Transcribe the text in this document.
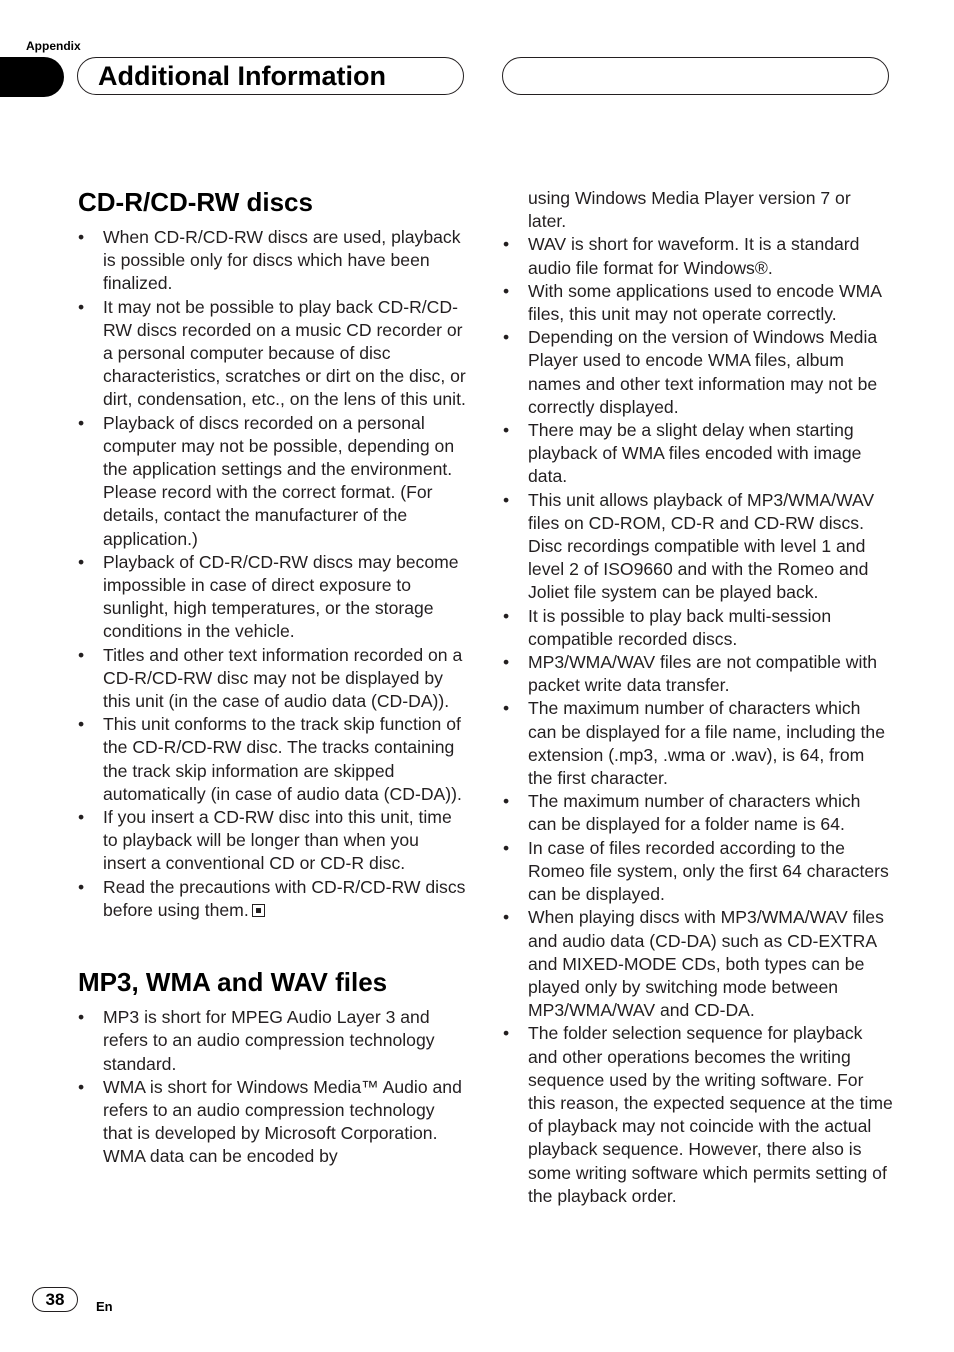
Appendix
Additional Information
CD-R/CD-RW discs
• When CD-R/CD-RW discs are used, playback is possible only for discs which have been finalized.
• It may not be possible to play back CD-R/CD-RW discs recorded on a music CD recorder or a personal computer because of disc characteristics, scratches or dirt on the disc, or dirt, condensation, etc., on the lens of this unit.
• Playback of discs recorded on a personal computer may not be possible, depending on the application settings and the environment. Please record with the correct format. (For details, contact the manufacturer of the application.)
• Playback of CD-R/CD-RW discs may become impossible in case of direct exposure to sunlight, high temperatures, or the storage conditions in the vehicle.
• Titles and other text information recorded on a CD-R/CD-RW disc may not be displayed by this unit (in the case of audio data (CD-DA)).
• This unit conforms to the track skip function of the CD-R/CD-RW disc. The tracks containing the track skip information are skipped automatically (in case of audio data (CD-DA)).
• If you insert a CD-RW disc into this unit, time to playback will be longer than when you insert a conventional CD or CD-R disc.
• Read the precautions with CD-R/CD-RW discs before using them.
MP3, WMA and WAV files
• MP3 is short for MPEG Audio Layer 3 and refers to an audio compression technology standard.
• WMA is short for Windows Media™ Audio and refers to an audio compression technology that is developed by Microsoft Corporation. WMA data can be encoded by
using Windows Media Player version 7 or later.
• WAV is short for waveform. It is a standard audio file format for Windows®.
• With some applications used to encode WMA files, this unit may not operate correctly.
• Depending on the version of Windows Media Player used to encode WMA files, album names and other text information may not be correctly displayed.
• There may be a slight delay when starting playback of WMA files encoded with image data.
• This unit allows playback of MP3/WMA/WAV files on CD-ROM, CD-R and CD-RW discs. Disc recordings compatible with level 1 and level 2 of ISO9660 and with the Romeo and Joliet file system can be played back.
• It is possible to play back multi-session compatible recorded discs.
• MP3/WMA/WAV files are not compatible with packet write data transfer.
• The maximum number of characters which can be displayed for a file name, including the extension (.mp3, .wma or .wav), is 64, from the first character.
• The maximum number of characters which can be displayed for a folder name is 64.
• In case of files recorded according to the Romeo file system, only the first 64 characters can be displayed.
• When playing discs with MP3/WMA/WAV files and audio data (CD-DA) such as CD-EXTRA and MIXED-MODE CDs, both types can be played only by switching mode between MP3/WMA/WAV and CD-DA.
• The folder selection sequence for playback and other operations becomes the writing sequence used by the writing software. For this reason, the expected sequence at the time of playback may not coincide with the actual playback sequence. However, there also is some writing software which permits setting of the playback order.
38	En
